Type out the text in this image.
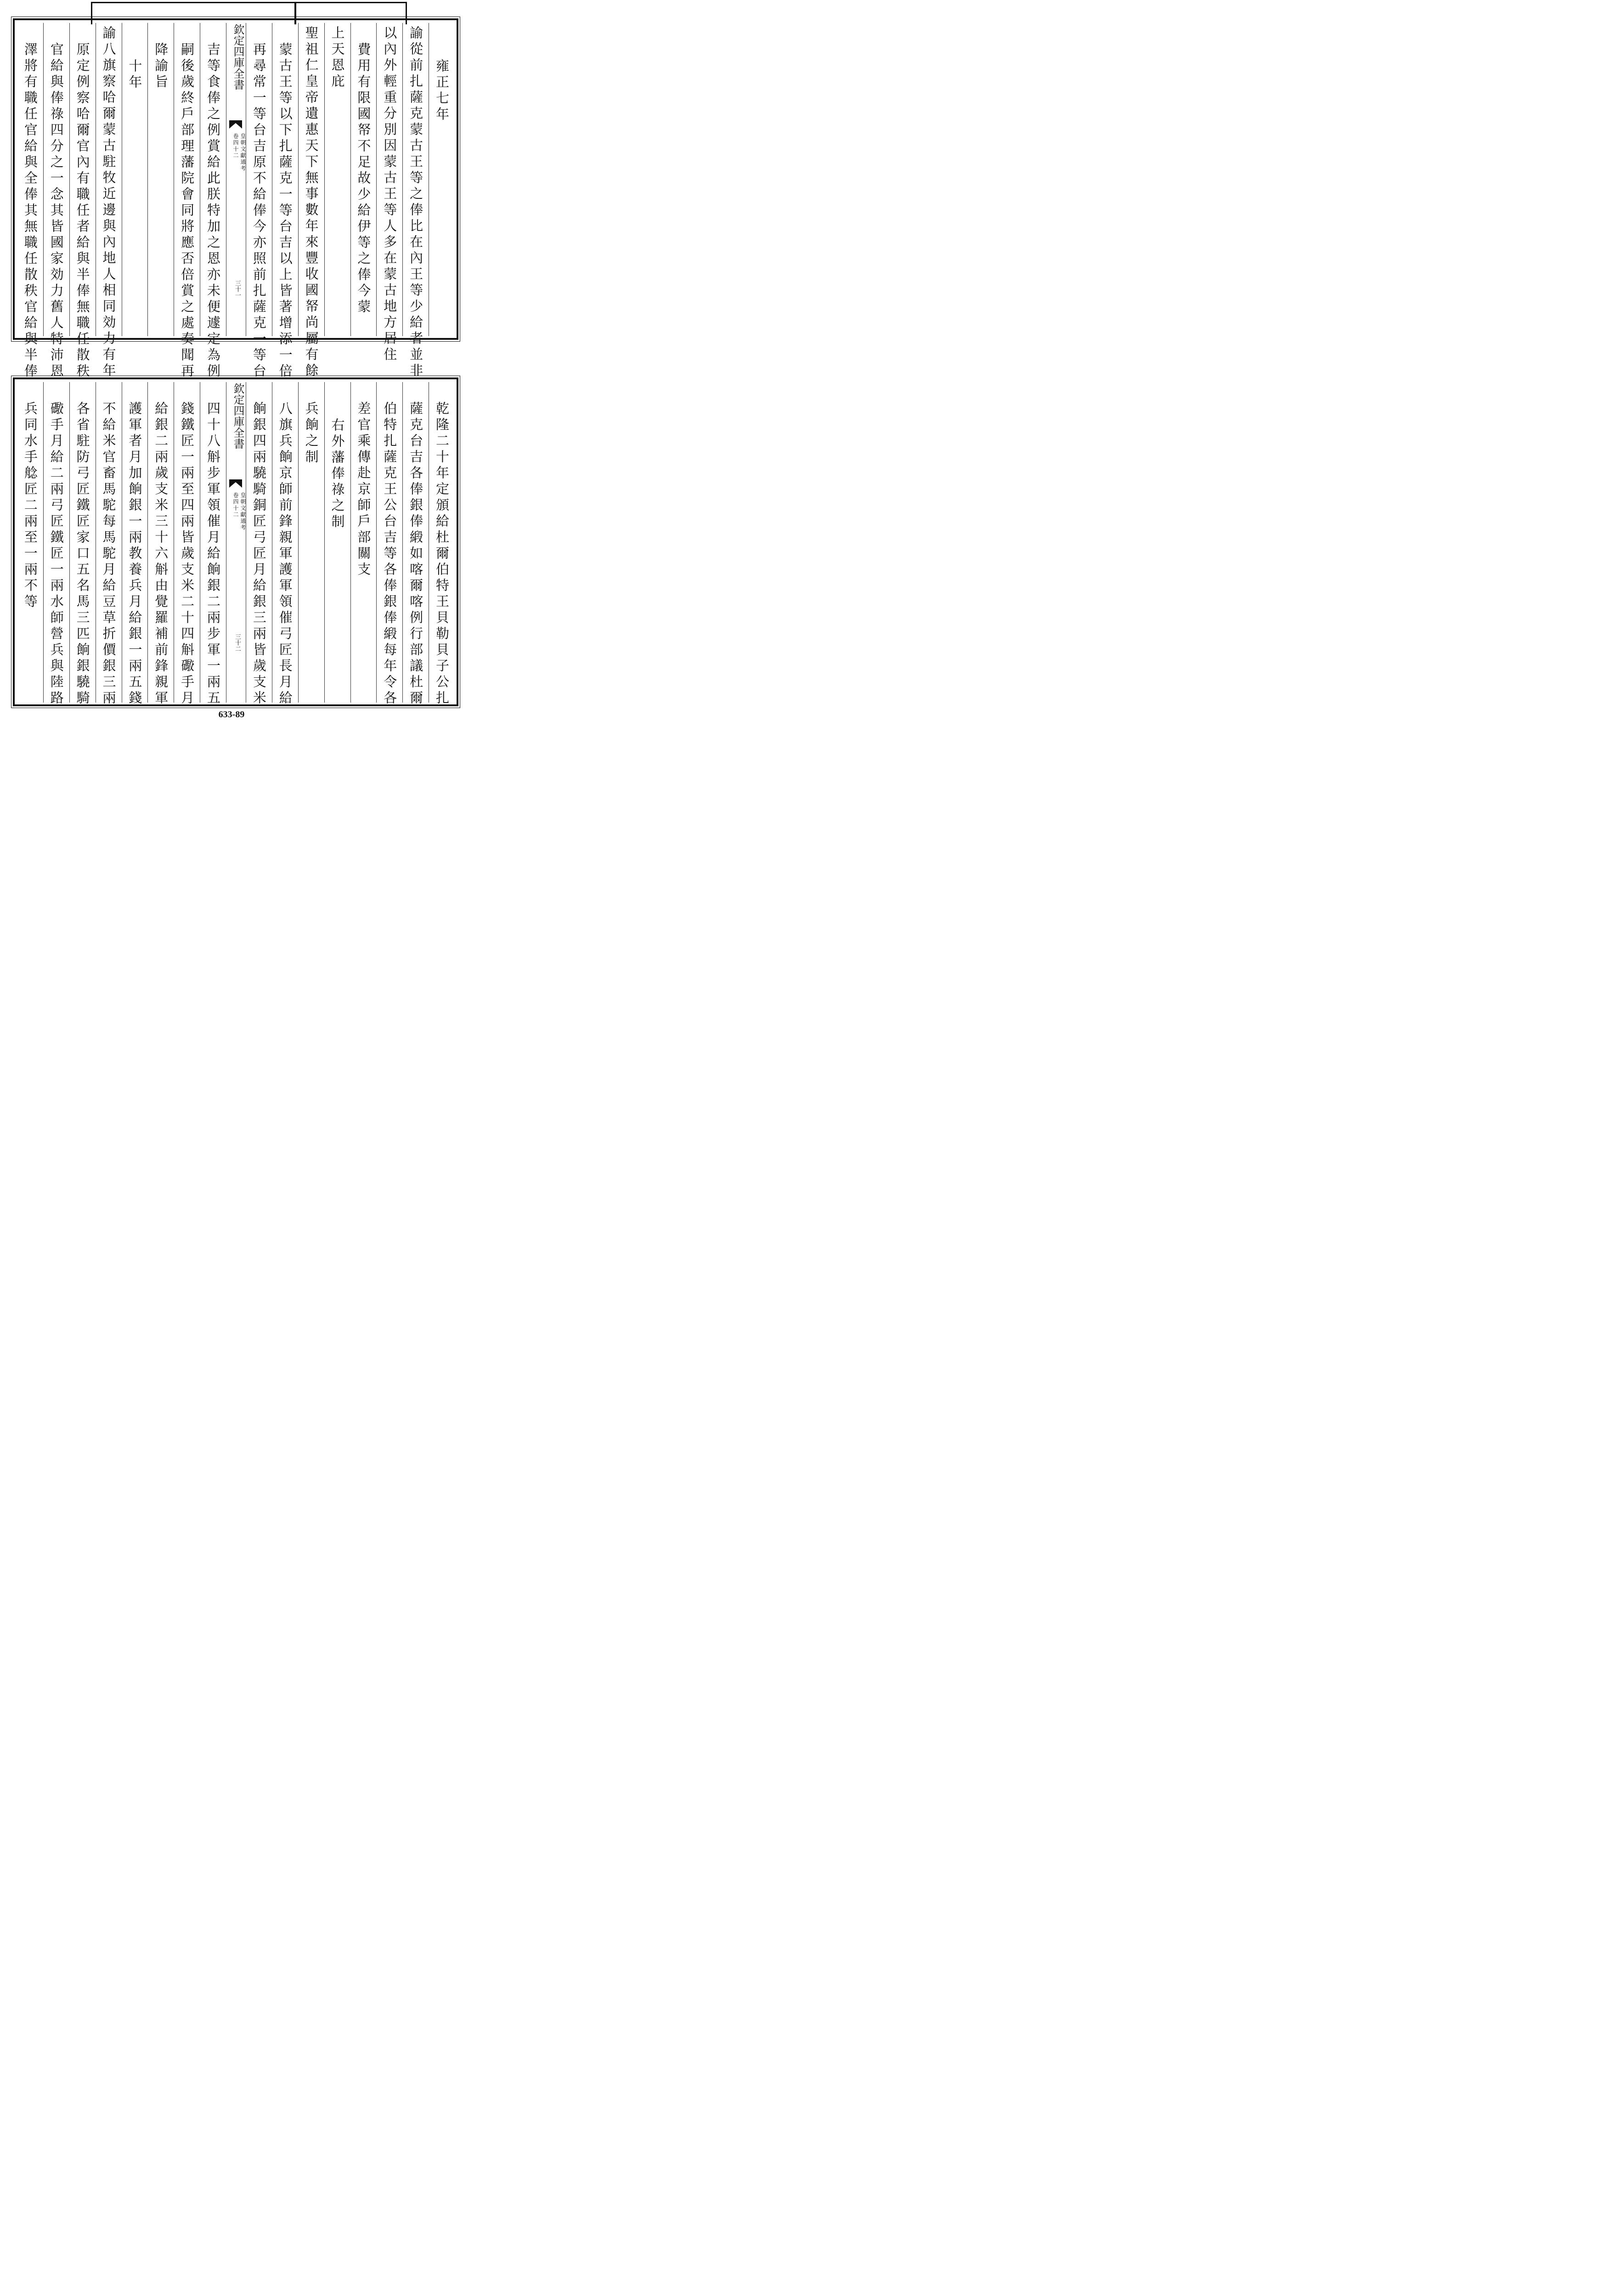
雍正七年
諭從前扎薩克蒙古王等之俸比在內王等少給者並非
以內外輕重分別因蒙古王等人多在蒙古地方居住
費用有限國帑不足故少給伊等之俸今蒙
上天恩庇
聖祖仁皇帝遺惠天下無事數年來豐收國帑尚屬有餘
蒙古王等以下扎薩克一等台吉以上皆著增添一倍
再尋常一等台吉原不給俸今亦照前扎薩克一等台
欽定四庫全書
皇朝文獻通考
卷四十二
三十一
吉等食俸之例賞給此朕特加之恩亦未便遽定為例
嗣後歲終戶部理藩院會同將應否倍賞之處奏聞再
降諭旨
十年
諭八旗察哈爾蒙古駐牧近邊與內地人相同効力有年
原定例察哈爾官內有職任者給與半俸無職任散秩
官給與俸祿四分之一念其皆國家効力舊人特沛恩
澤將有職任官給與全俸其無職任散秩官給與半俸
乾隆二十年定頒給杜爾伯特王貝勒貝子公扎
薩克台吉各俸銀俸緞如喀爾喀例行部議杜爾
伯特扎薩克王公台吉等各俸銀俸緞每年令各
差官乘傳赴京師戶部關支
右外藩俸祿之制
兵餉之制
八旗兵餉京師前鋒親軍護軍領催弓匠長月給
餉銀四兩驍騎銅匠弓匠月給銀三兩皆歲支米
欽定四庫全書
皇朝文獻通考
卷四十二
三十二
四十八斛步軍領催月給餉銀二兩步軍一兩五
錢鐵匠一兩至四兩皆歲支米二十四斛礮手月
給銀二兩歲支米三十六斛由覺羅補前鋒親軍
護軍者月加餉銀一兩教養兵月給銀一兩五錢
不給米官畜馬駝每馬駝月給豆草折價銀三兩
各省駐防弓匠鐵匠家口五名馬三匹餉銀驍騎
礮手月給二兩弓匠鐵匠一兩水師營兵與陸路
兵同水手艌匠二兩至一兩不等
633-89
